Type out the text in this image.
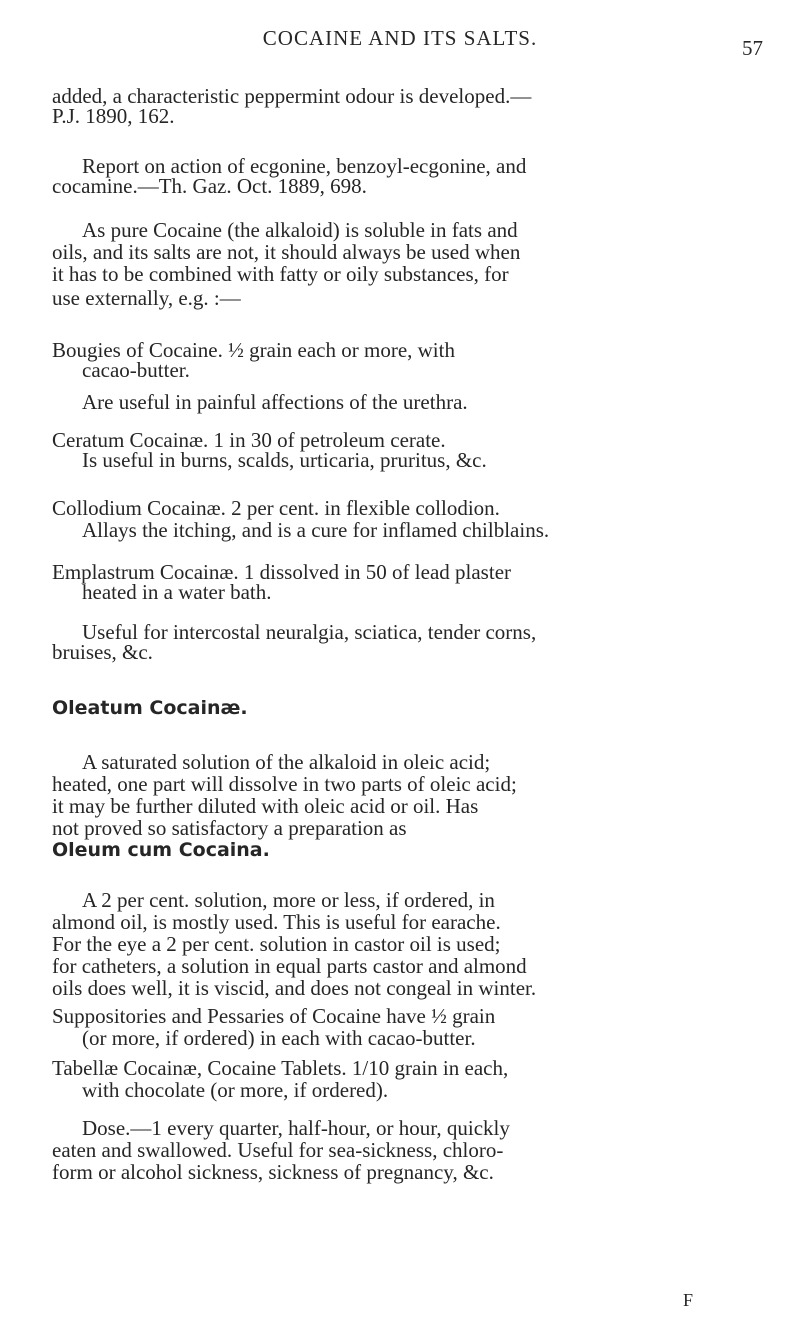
COCAINE AND ITS SALTS.	57
added, a characteristic peppermint odour is developed.—
P.J. 1890, 162.
Report on action of ecgonine, benzoyl-ecgonine, and
cocamine.—Th. Gaz. Oct. 1889, 698.
As pure Cocaine (the alkaloid) is soluble in fats and
oils, and its salts are not, it should always be used when
it has to be combined with fatty or oily substances, for
use externally, e.g. :—
Bougies of Cocaine. ½ grain each or more, with
cacao-butter.
Are useful in painful affections of the urethra.
Ceratum Cocainæ. 1 in 30 of petroleum cerate.
Is useful in burns, scalds, urticaria, pruritus, &c.
Collodium Cocainæ. 2 per cent. in flexible collodion.
Allays the itching, and is a cure for inflamed chilblains.
Emplastrum Cocainæ. 1 dissolved in 50 of lead plaster
heated in a water bath.
Useful for intercostal neuralgia, sciatica, tender corns,
bruises, &c.
Oleatum Cocainæ.
A saturated solution of the alkaloid in oleic acid;
heated, one part will dissolve in two parts of oleic acid;
it may be further diluted with oleic acid or oil. Has
not proved so satisfactory a preparation as
Oleum cum Cocaina.
A 2 per cent. solution, more or less, if ordered, in
almond oil, is mostly used. This is useful for earache.
For the eye a 2 per cent. solution in castor oil is used;
for catheters, a solution in equal parts castor and almond
oils does well, it is viscid, and does not congeal in winter.
Suppositories and Pessaries of Cocaine have ½ grain
(or more, if ordered) in each with cacao-butter.
Tabellæ Cocainæ, Cocaine Tablets. 1/10 grain in each,
with chocolate (or more, if ordered).
Dose.—1 every quarter, half-hour, or hour, quickly
eaten and swallowed. Useful for sea-sickness, chloro-
form or alcohol sickness, sickness of pregnancy, &c.
F
